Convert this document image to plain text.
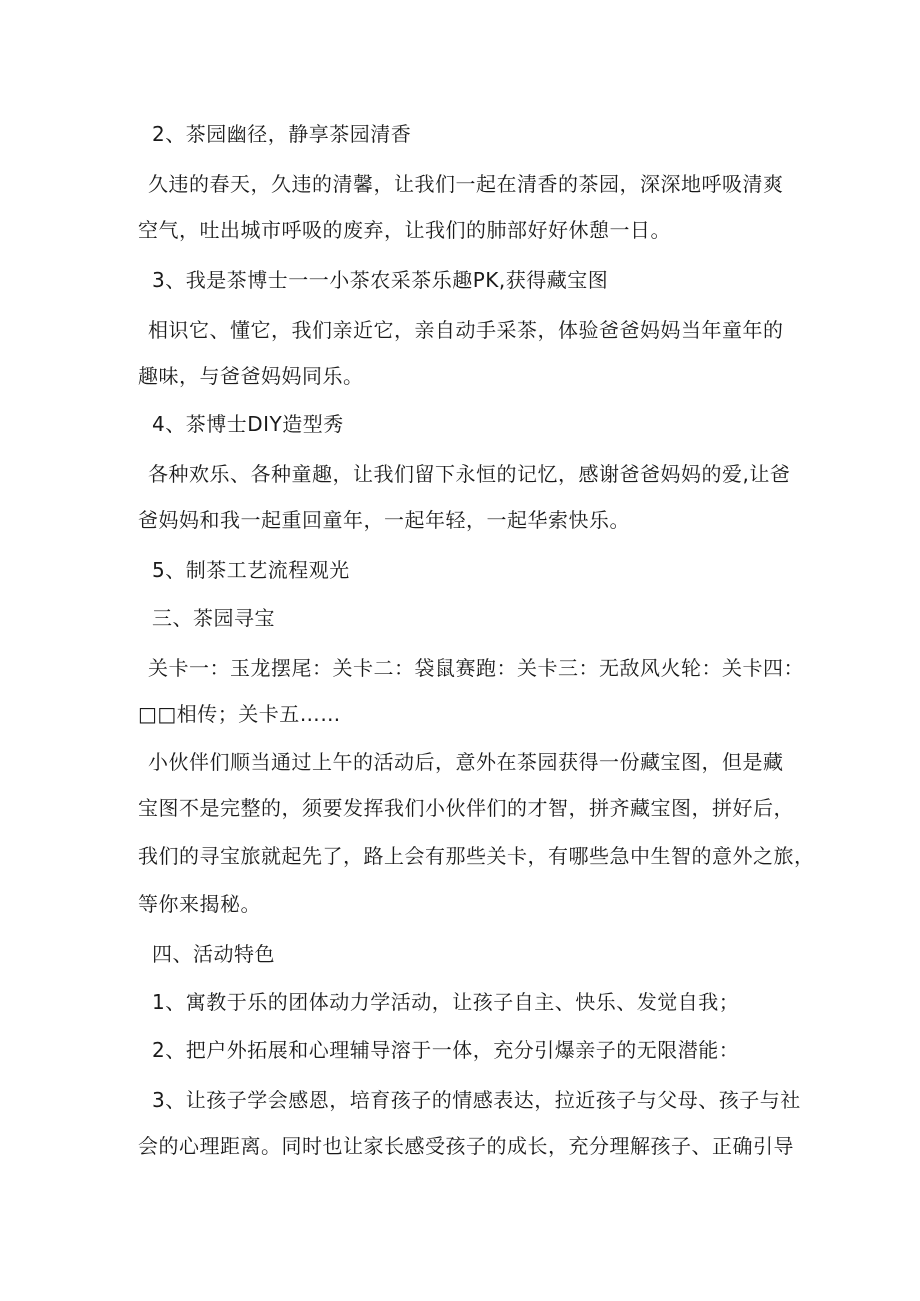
2、茶园幽径，静享茶园清香
久违的春天，久违的清馨，让我们一起在清香的茶园，深深地呼吸清爽
空气，吐出城市呼吸的废弃，让我们的肺部好好休憩一日。
3、我是茶博士一一小茶农采茶乐趣PK,获得藏宝图
相识它、懂它，我们亲近它，亲自动手采茶，体验爸爸妈妈当年童年的
趣味，与爸爸妈妈同乐。
4、茶博士DIY造型秀
各种欢乐、各种童趣，让我们留下永恒的记忆，感谢爸爸妈妈的爱,让爸
爸妈妈和我一起重回童年，一起年轻，一起华索快乐。
5、制茶工艺流程观光
三、茶园寻宝
关卡一：玉龙摆尾：关卡二：袋鼠赛跑：关卡三：无敌风火轮：关卡四：
□□相传；关卡五……
小伙伴们顺当通过上午的活动后，意外在茶园获得一份藏宝图，但是藏
宝图不是完整的，须要发挥我们小伙伴们的才智，拼齐藏宝图，拼好后，
我们的寻宝旅就起先了，路上会有那些关卡，有哪些急中生智的意外之旅，
等你来揭秘。
四、活动特色
1、寓教于乐的团体动力学活动，让孩子自主、快乐、发觉自我；
2、把户外拓展和心理辅导溶于一体，充分引爆亲子的无限潜能：
3、让孩子学会感恩，培育孩子的情感表达，拉近孩子与父母、孩子与社
会的心理距离。同时也让家长感受孩子的成长，充分理解孩子、正确引导
